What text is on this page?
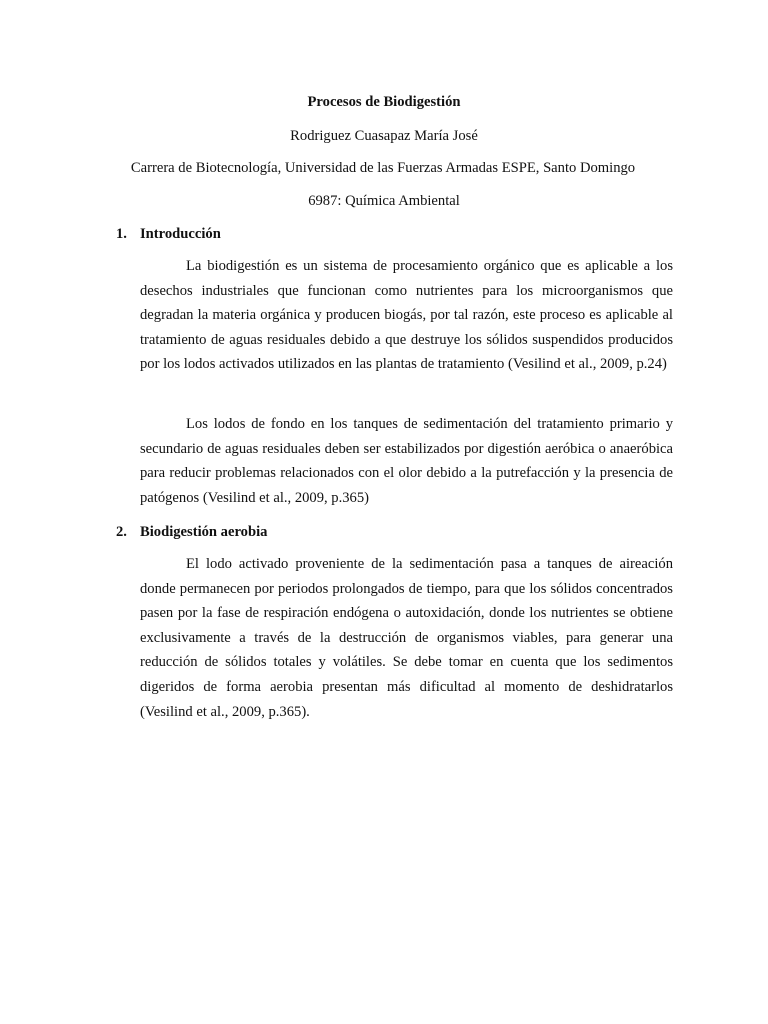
Procesos de Biodigestión
Rodriguez Cuasapaz María José
Carrera de Biotecnología, Universidad de las Fuerzas Armadas ESPE, Santo Domingo
6987: Química Ambiental
1. Introducción

La biodigestión es un sistema de procesamiento orgánico que es aplicable a los desechos industriales que funcionan como nutrientes para los microorganismos que degradan la materia orgánica y producen biogás, por tal razón, este proceso es aplicable al tratamiento de aguas residuales debido a que destruye los sólidos suspendidos producidos por los lodos activados utilizados en las plantas de tratamiento (Vesilind et al., 2009, p.24)

Los lodos de fondo en los tanques de sedimentación del tratamiento primario y secundario de aguas residuales deben ser estabilizados por digestión aeróbica o anaeróbica para reducir problemas relacionados con el olor debido a la putrefacción y la presencia de patógenos (Vesilind et al., 2009, p.365)

2. Biodigestión aerobia

El lodo activado proveniente de la sedimentación pasa a tanques de aireación donde permanecen por periodos prolongados de tiempo, para que los sólidos concentrados pasen por la fase de respiración endógena o autoxidación, donde los nutrientes se obtiene exclusivamente a través de la destrucción de organismos viables, para generar una reducción de sólidos totales y volátiles. Se debe tomar en cuenta que los sedimentos digeridos de forma aerobia presentan más dificultad al momento de deshidratarlos (Vesilind et al., 2009, p.365).
